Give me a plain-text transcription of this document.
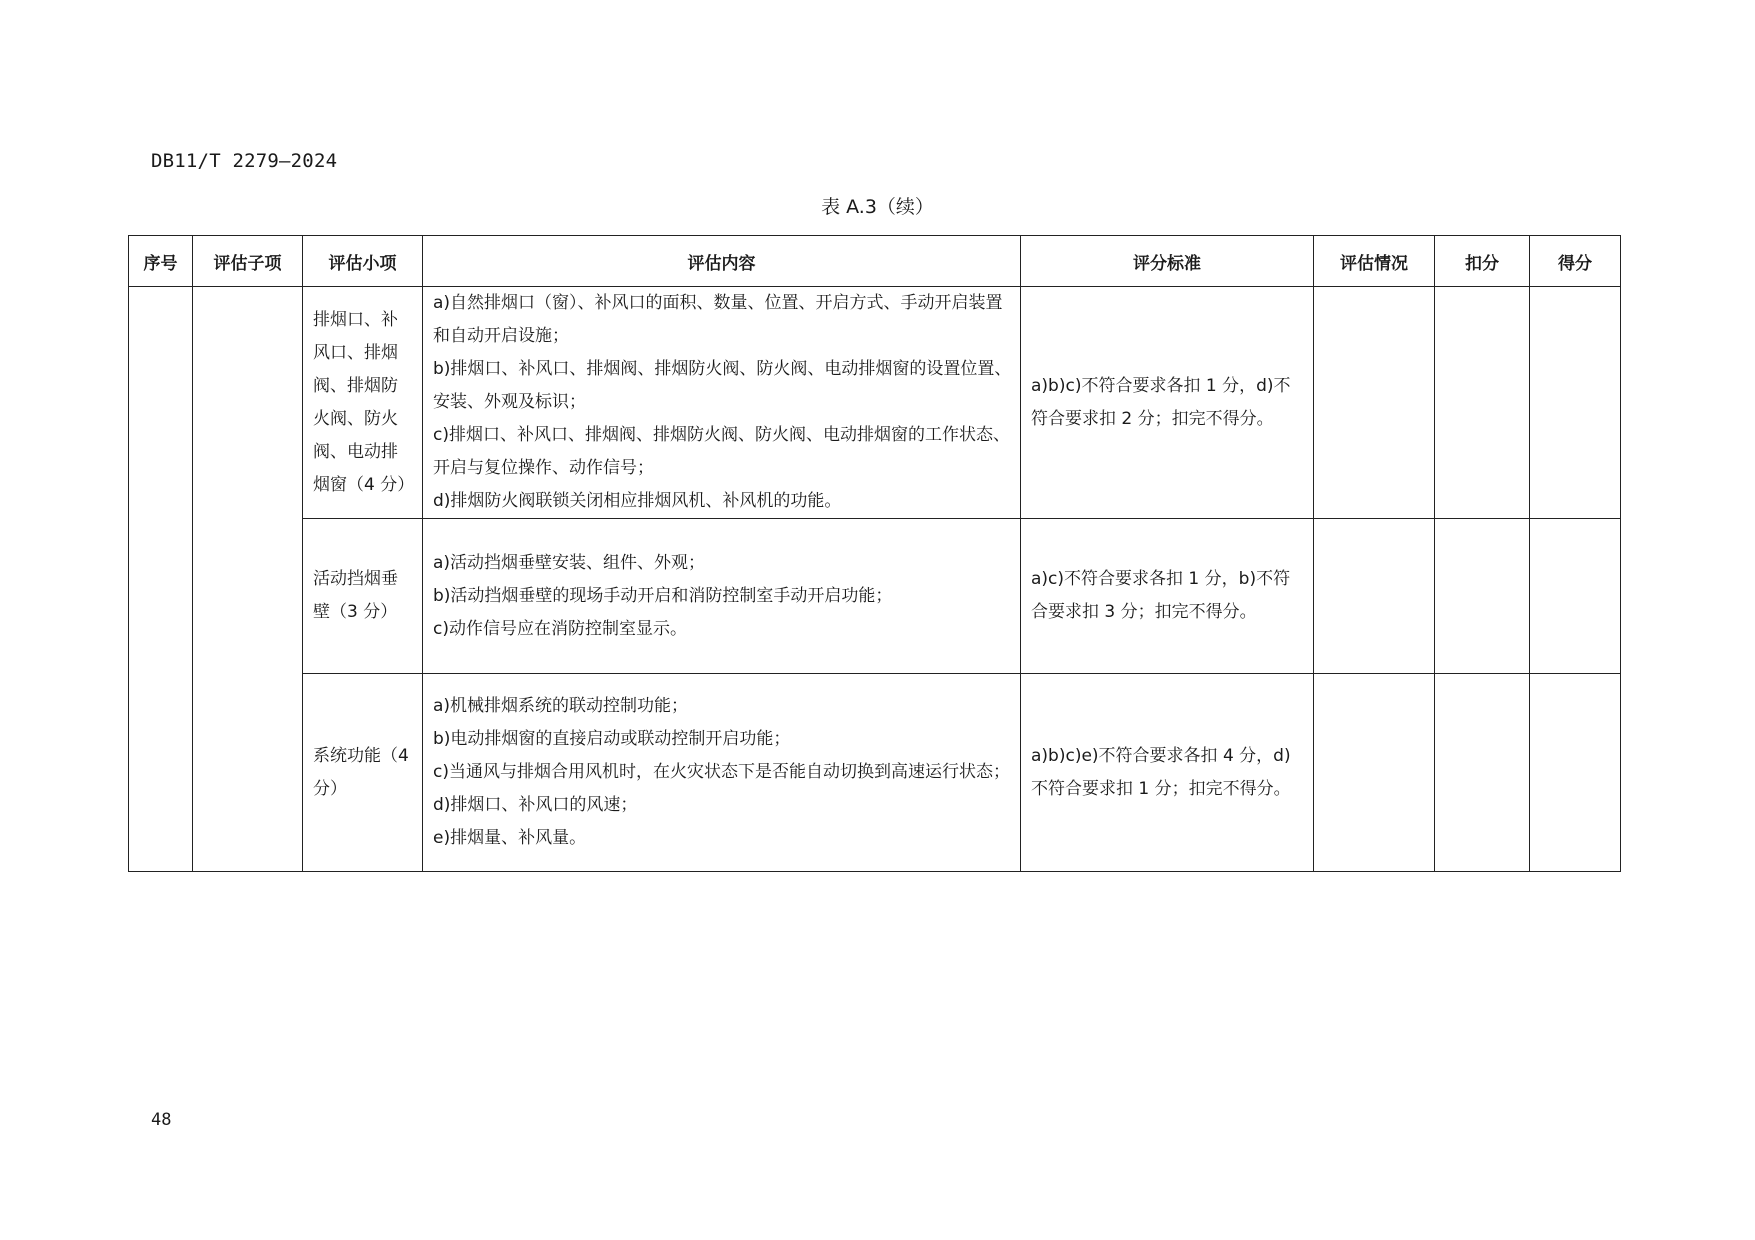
DB11/T 2279—2024
表 A.3（续）
序号	评估子项	评估小项	评估内容	评分标准	评估情况	扣分	得分
		排烟口、补风口、排烟阀、排烟防火阀、防火阀、电动排烟窗（4 分）	a)自然排烟口（窗）、补风口的面积、数量、位置、开启方式、手动开启装置和自动开启设施；
b)排烟口、补风口、排烟阀、排烟防火阀、防火阀、电动排烟窗的设置位置、安装、外观及标识；
c)排烟口、补风口、排烟阀、排烟防火阀、防火阀、电动排烟窗的工作状态、开启与复位操作、动作信号；
d)排烟防火阀联锁关闭相应排烟风机、补风机的功能。	a)b)c)不符合要求各扣 1 分，d)不符合要求扣 2 分；扣完不得分。			
		活动挡烟垂壁（3 分）	a)活动挡烟垂壁安装、组件、外观；
b)活动挡烟垂壁的现场手动开启和消防控制室手动开启功能；
c)动作信号应在消防控制室显示。	a)c)不符合要求各扣 1 分，b)不符合要求扣 3 分；扣完不得分。			
		系统功能（4 分）	a)机械排烟系统的联动控制功能；
b)电动排烟窗的直接启动或联动控制开启功能；
c)当通风与排烟合用风机时，在火灾状态下是否能自动切换到高速运行状态；
d)排烟口、补风口的风速；
e)排烟量、补风量。	a)b)c)e)不符合要求各扣 4 分，d)不符合要求扣 1 分；扣完不得分。			
48
